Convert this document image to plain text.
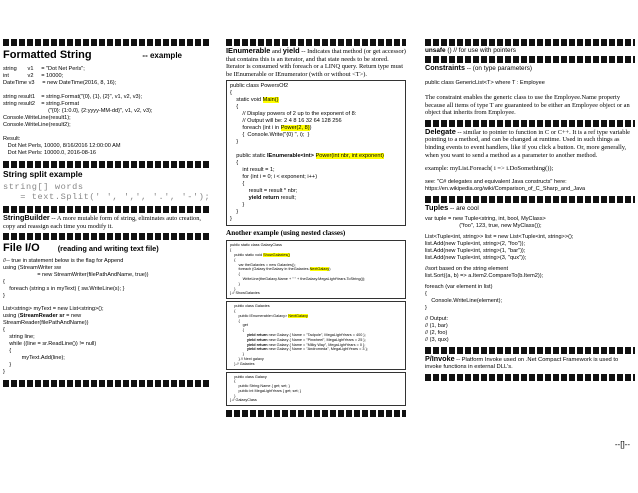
Formatted String	-- example

string       v1     = "Dot Net Perls";

int            v2     = 10000;

DateTime v3     = new DateTime(2016, 8, 16);

string result1    = string.Format("{0}, {1}, {2}", v1, v2, v3);

string result2    = string.Format

("{0}: {1:0.0}, {2:yyyy-MM-dd}", v1, v2, v3);

Console.WriteLine(result1);

Console.WriteLine(result2);

Result:

Dot Net Perls, 10000, 8/16/2016 12:00:00 AM

Dot Net Perls: 10000.0, 2016-08-16

String split example

string[] words

= text.Split(' ', ',', '.', '-');

StringBuilder -- A more mutable form of string, eliminates auto creation, copy and reassign each time you modify it.

File I/O (reading and writing text file)

//-- true in statement below is the flag for Append

using (StreamWriter sw

= new StreamWriter(filePathAndName, true))

{

foreach (string s in myText) { sw.WriteLine(s); }

}

List<string> myText = new List<string>();

using (StreamReader sr = new

StreamReader(filePathAndName))

{

string line;

while ((line = sr.ReadLine()) != null)

{

myText.Add(line);

}

}

IEnumerable and yield -- Indicates that method (or get accessor) that contains this is an iterator, and that state needs to be stored. Iterator is consumed with foreach or a LINQ query. Return type must be IEnumerable or IEnumerator (with or without <T>).

public class PowersOf2

{

static void Main()

{

// Display powers of 2 up to the exponent of 8:

// Output will be: 2 4 8 16 32 64 128 256

foreach (int i in Power(2, 8))

{  Console.Write("{0} ", i);  }

}

public static IEnumerable<int> Power(int nbr, int exponent)

{

int result = 1;

for (int i = 0; i < exponent; i++)

{

result = result * nbr;

yield return result;

}

}

}

Another example (using nested classes)

public static class GalaxyClass

{

public static void ShowGalaxies()

{

var theGalaxies = new Galaxies();

foreach (Galaxy theGalaxy in theGalaxies.NextGalaxy)

{

WriteLine(theGalaxy.Name + " " + theGalaxy.MegaLightYears.ToString());

}

}

} // ShowGalaxies

public class Galaxies

{

public IEnumerable<Galaxy> NextGalaxy

{

get

{

yield return new Galaxy { Name = "Tadpole", MegaLightYears = 400 };

yield return new Galaxy { Name = "Pinwheel", MegaLightYears = 25 };

yield return new Galaxy { Name = "Milky Way", MegaLightYears = 0 };

yield return new Galaxy { Name = "Andromeda", MegaLightYears = 3 };

}

} // Next galaxy

} // Galaxies

public class Galaxy

{

public String Name { get; set; }

public int MegaLightYears { get; set; }

}

} // GalaxyClass

unsafe () // for use with pointers

Constraints -- (on type parameters)

public class GenericList<T> where T : Employee

The constraint enables the generic class to use the Employee.Name property because all items of type T are guaranteed to be either an Employee object or an object that inherits from Employee.

Delegate -- similar to pointer to function in C or C++. It is a ref type variable pointing to a method, and can be changed at runtime. Used in such things as binding events to event handlers, like if you click a button. Or, more generally, when you want to send a method as a parameter to another method.

example: myList.Foreach( i => i.DoSomething());

see: "C# delegates and equivalent Java constructs" here:

https://en.wikipedia.org/wiki/Comparison_of_C_Sharp_and_Java

Tuples -- are cool

var tuple = new Tuple<string, int, bool, MyClass>

("foo", 123, true, new MyClass());

List<Tuple<int, string>> list = new List<Tuple<int, string>>();

list.Add(new Tuple<int, string>(2, "foo"));

list.Add(new Tuple<int, string>(1, "bar"));

list.Add(new Tuple<int, string>(3, "qux"));

//sort based on the string element

list.Sort((a, b) => a.Item2.CompareTo(b.Item2));

foreach (var element in list)

{

Console.WriteLine(element);

}

// Output:

// (1, bar)

// (2, foo)

// (3, qux)

P/Invoke -- Platform Invoke used on .Net Compact Framework is used to invoke functions in external DLL's.

--[]--
